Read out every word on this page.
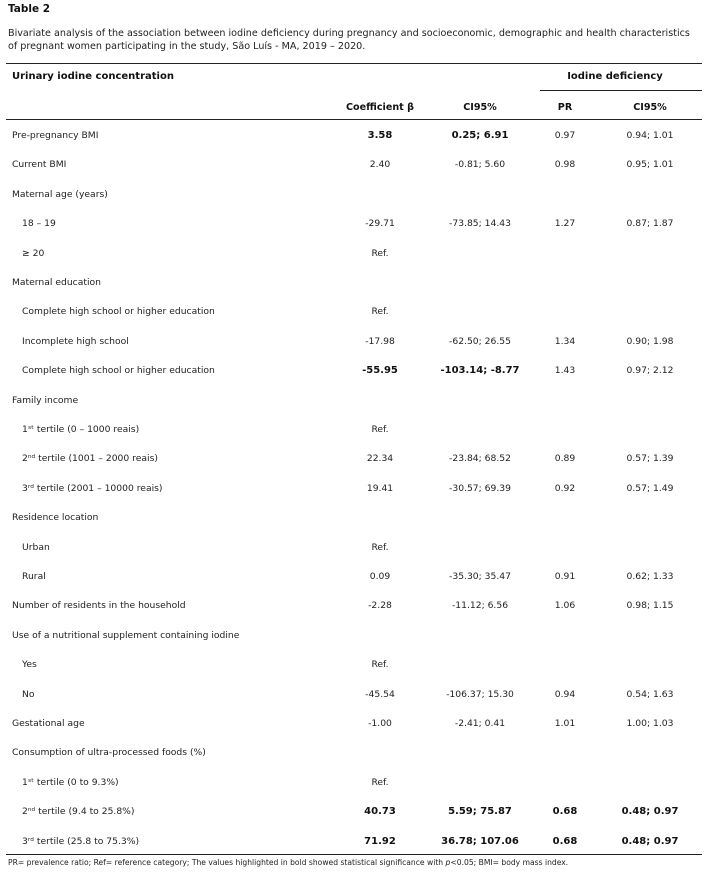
Table 2
Bivariate analysis of the association between iodine deficiency during pregnancy and socioeconomic, demographic and health characteristics of pregnant women participating in the study, São Luís - MA, 2019 – 2020.
Urinary iodine concentration	Iodine deficiency
Coefficient β	CI95%	PR	CI95%
Pre-pregnancy BMI	3.58	0.25; 6.91	0.97	0.94; 1.01
Current BMI	2.40	-0.81; 5.60	0.98	0.95; 1.01
Maternal age (years)
18 – 19	-29.71	-73.85; 14.43	1.27	0.87; 1.87
≥ 20	Ref.
Maternal education
Complete high school or higher education	Ref.
Incomplete high school	-17.98	-62.50; 26.55	1.34	0.90; 1.98
Complete high school or higher education	-55.95	-103.14; -8.77	1.43	0.97; 2.12
Family income
1ˢᵗ tertile (0 – 1000 reais)	Ref.
2ⁿᵈ tertile (1001 – 2000 reais)	22.34	-23.84; 68.52	0.89	0.57; 1.39
3ʳᵈ tertile (2001 – 10000 reais)	19.41	-30.57; 69.39	0.92	0.57; 1.49
Residence location
Urban	Ref.
Rural	0.09	-35.30; 35.47	0.91	0.62; 1.33
Number of residents in the household	-2.28	-11.12; 6.56	1.06	0.98; 1.15
Use of a nutritional supplement containing iodine
Yes	Ref.
No	-45.54	-106.37; 15.30	0.94	0.54; 1.63
Gestational age	-1.00	-2.41; 0.41	1.01	1.00; 1.03
Consumption of ultra-processed foods (%)
1ˢᵗ tertile (0 to 9.3%)	Ref.
2ⁿᵈ tertile (9.4 to 25.8%)	40.73	5.59; 75.87	0.68	0.48; 0.97
3ʳᵈ tertile (25.8 to 75.3%)	71.92	36.78; 107.06	0.68	0.48; 0.97
PR= prevalence ratio; Ref= reference category; The values highlighted in bold showed statistical significance with p<0.05; BMI= body mass index.
